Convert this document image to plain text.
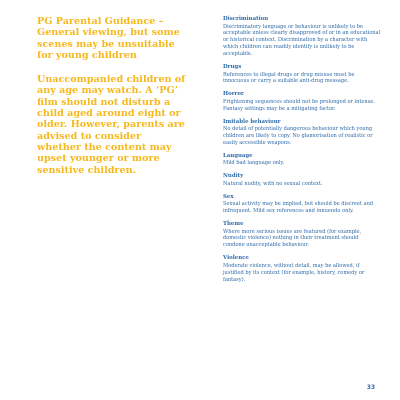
PG Parental Guidance – General viewing, but some scenes may be unsuitable for young children

Unaccompanied children of any age may watch. A ‘PG’ film should not disturb a child aged around eight or older. However, parents are advised to consider whether the content may upset younger or more sensitive children.

Discrimination

Discriminatory language or behaviour is unlikely to be acceptable unless clearly disapproved of or in an educational or historical context. Discrimination by a character with which children can readily identify is unlikely to be acceptable.

Drugs

References to illegal drugs or drug misuse must be innocuous or carry a suitable anti-drug message.

Horror

Frightening sequences should not be prolonged or intense. Fantasy settings may be a mitigating factor.

Imitable behaviour

No detail of potentially dangerous behaviour which young children are likely to copy. No glamorisation of realistic or easily accessible weapons.

Language

Mild bad language only.

Nudity

Natural nudity, with no sexual context.

Sex

Sexual activity may be implied, but should be discreet and infrequent. Mild sex references and innuendo only.

Theme

Where more serious issues are featured (for example, domestic violence) nothing in their treatment should condone unacceptable behaviour.

Violence

Moderate violence, without detail, may be allowed, if justified by its context (for example, history, comedy or fantasy).

33
